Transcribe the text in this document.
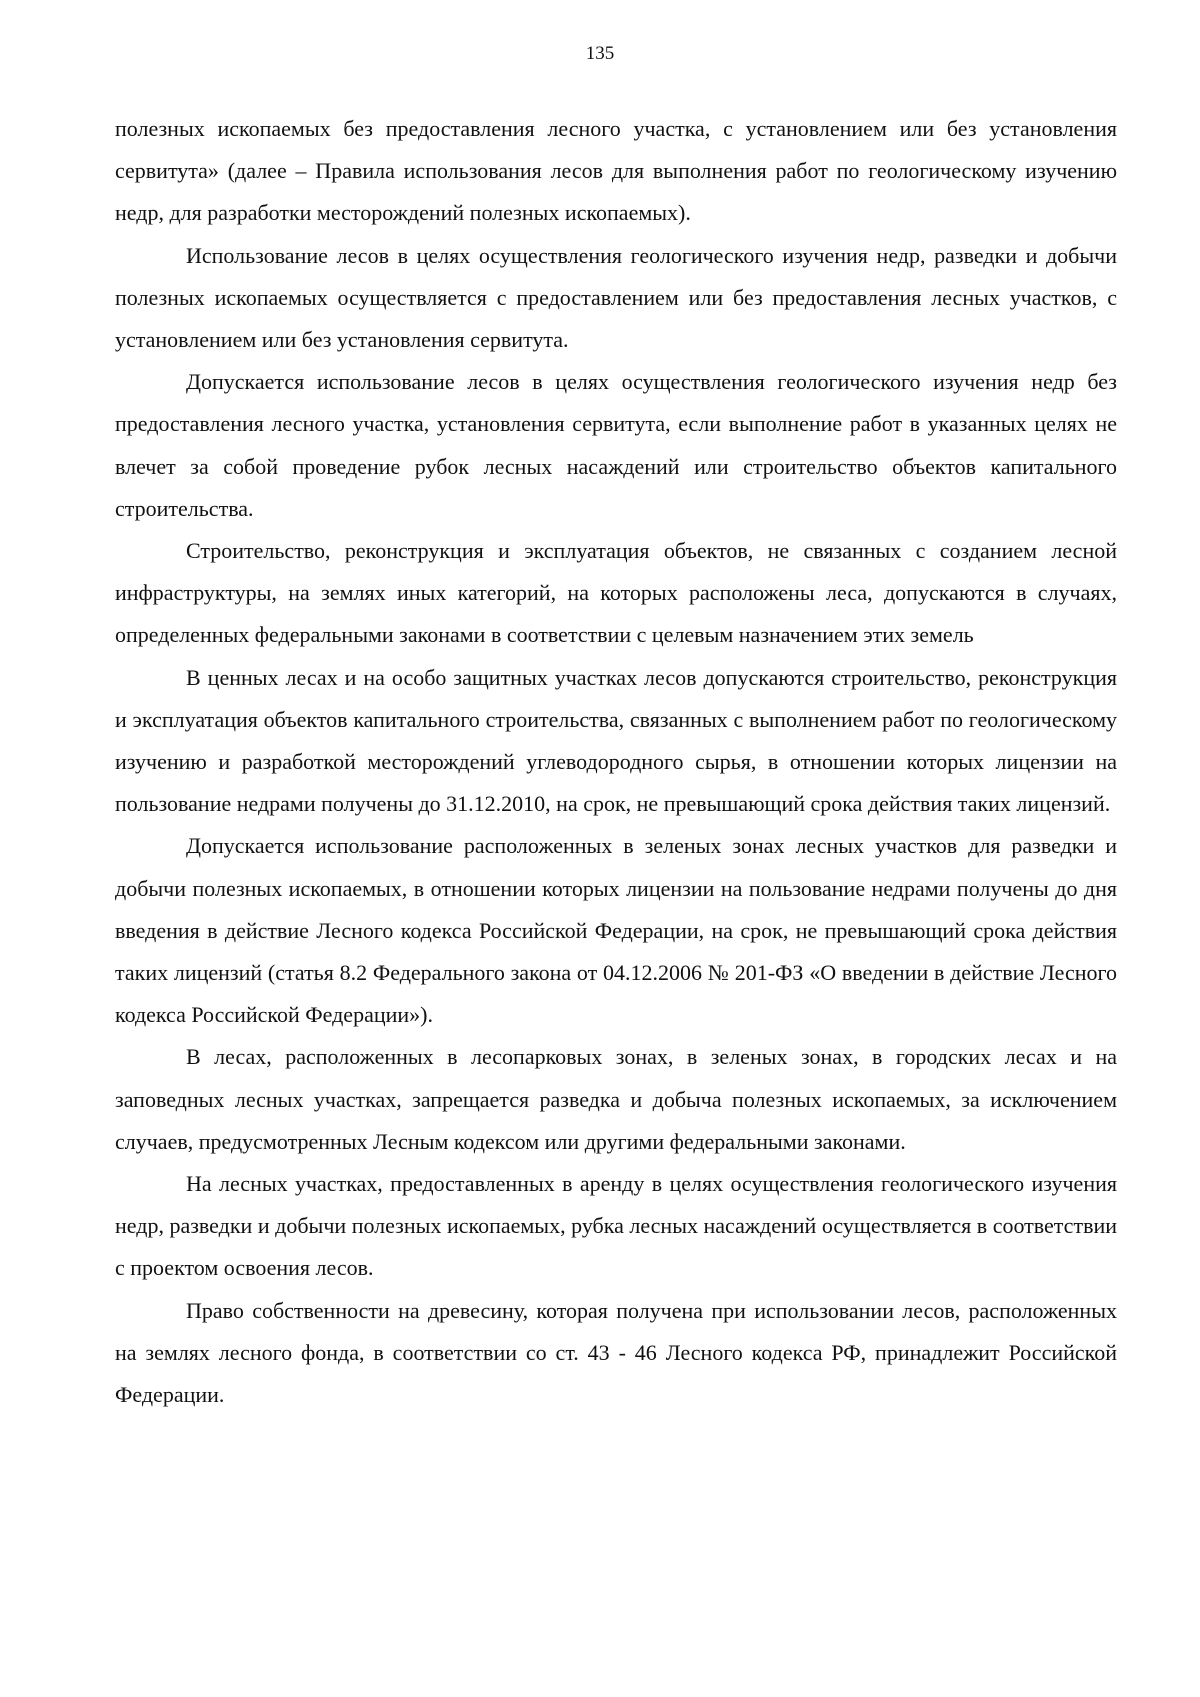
135

полезных ископаемых без предоставления лесного участка, с установлением или без установления сервитута» (далее – Правила использования лесов для выполнения работ по геологическому изучению недр, для разработки месторождений полезных ископаемых).

Использование лесов в целях осуществления геологического изучения недр, разведки и добычи полезных ископаемых осуществляется с предоставлением или без предоставления лесных участков, с установлением или без установления сервитута.

Допускается использование лесов в целях осуществления геологического изучения недр без предоставления лесного участка, установления сервитута, если выполнение работ в указанных целях не влечет за собой проведение рубок лесных насаждений или строительство объектов капитального строительства.

Строительство, реконструкция и эксплуатация объектов, не связанных с созданием лесной инфраструктуры, на землях иных категорий, на которых расположены леса, допускаются в случаях, определенных федеральными законами в соответствии с целевым назначением этих земель

В ценных лесах и на особо защитных участках лесов допускаются строительство, реконструкция и эксплуатация объектов капитального строительства, связанных с выполнением работ по геологическому изучению и разработкой месторождений углеводородного сырья, в отношении которых лицензии на пользование недрами получены до 31.12.2010, на срок, не превышающий срока действия таких лицензий.

Допускается использование расположенных в зеленых зонах лесных участков для разведки и добычи полезных ископаемых, в отношении которых лицензии на пользование недрами получены до дня введения в действие Лесного кодекса Российской Федерации, на срок, не превышающий срока действия таких лицензий (статья 8.2 Федерального закона от 04.12.2006 № 201-ФЗ «О введении в действие Лесного кодекса Российской Федерации»).

В лесах, расположенных в лесопарковых зонах, в зеленых зонах, в городских лесах и на заповедных лесных участках, запрещается разведка и добыча полезных ископаемых, за исключением случаев, предусмотренных Лесным кодексом или другими федеральными законами.

На лесных участках, предоставленных в аренду в целях осуществления геологического изучения недр, разведки и добычи полезных ископаемых, рубка лесных насаждений осуществляется в соответствии с проектом освоения лесов.

Право собственности на древесину, которая получена при использовании лесов, расположенных на землях лесного фонда, в соответствии со ст. 43 - 46 Лесного кодекса РФ, принадлежит Российской Федерации.
